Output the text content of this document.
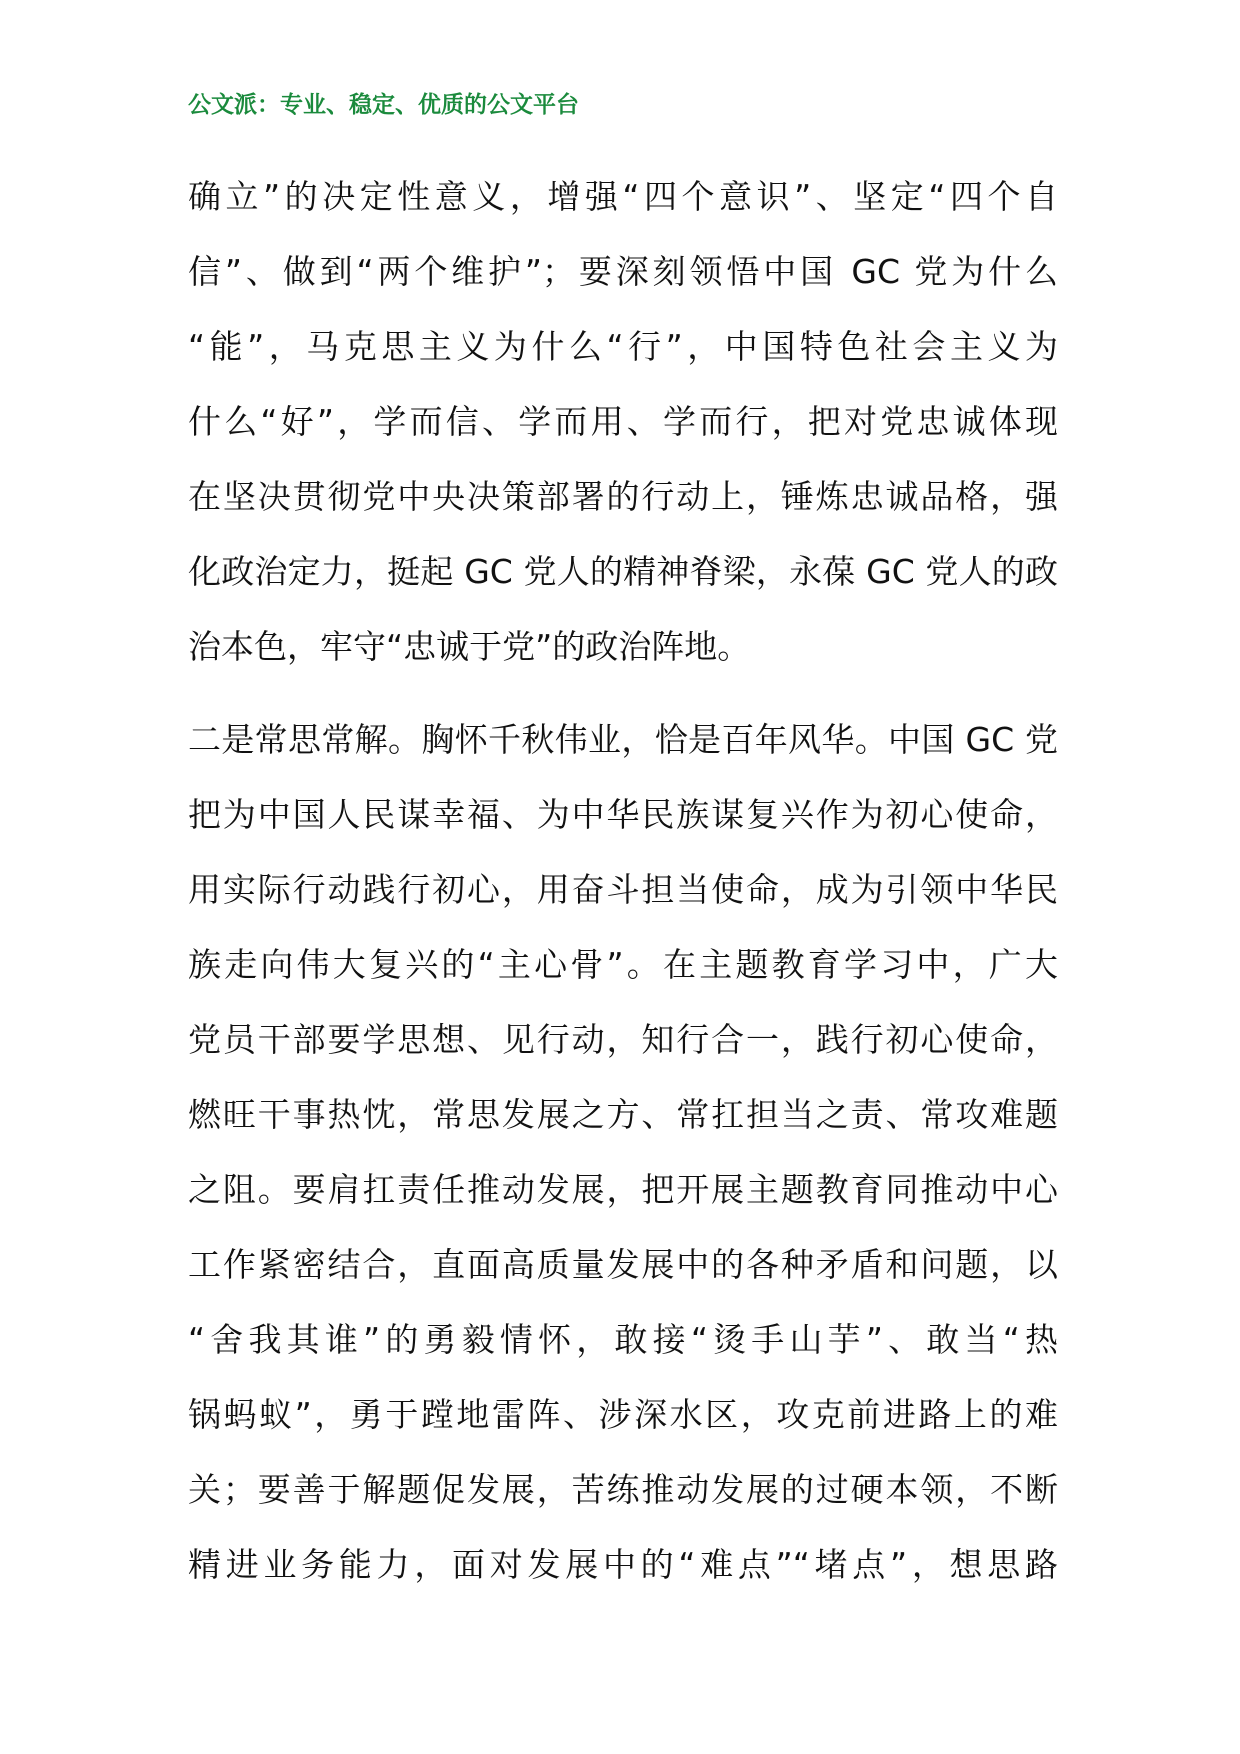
公文派：专业、稳定、优质的公文平台
确立”的决定性意义，增强“四个意识”、坚定“四个自
信”、做到“两个维护”；要深刻领悟中国 GC 党为什么
“能”，马克思主义为什么“行”，中国特色社会主义为
什么“好”，学而信、学而用、学而行，把对党忠诚体现
在坚决贯彻党中央决策部署的行动上，锤炼忠诚品格，强
化政治定力，挺起 GC 党人的精神脊梁，永葆 GC 党人的政
治本色，牢守“忠诚于党”的政治阵地。
二是常思常解。胸怀千秋伟业，恰是百年风华。中国 GC 党
把为中国人民谋幸福、为中华民族谋复兴作为初心使命，
用实际行动践行初心，用奋斗担当使命，成为引领中华民
族走向伟大复兴的“主心骨”。在主题教育学习中，广大
党员干部要学思想、见行动，知行合一，践行初心使命，
燃旺干事热忱，常思发展之方、常扛担当之责、常攻难题
之阻。要肩扛责任推动发展，把开展主题教育同推动中心
工作紧密结合，直面高质量发展中的各种矛盾和问题，以
“舍我其谁”的勇毅情怀，敢接“烫手山芋”、敢当“热
锅蚂蚁”，勇于蹚地雷阵、涉深水区，攻克前进路上的难
关；要善于解题促发展，苦练推动发展的过硬本领，不断
精进业务能力，面对发展中的“难点”“堵点”，想思路
